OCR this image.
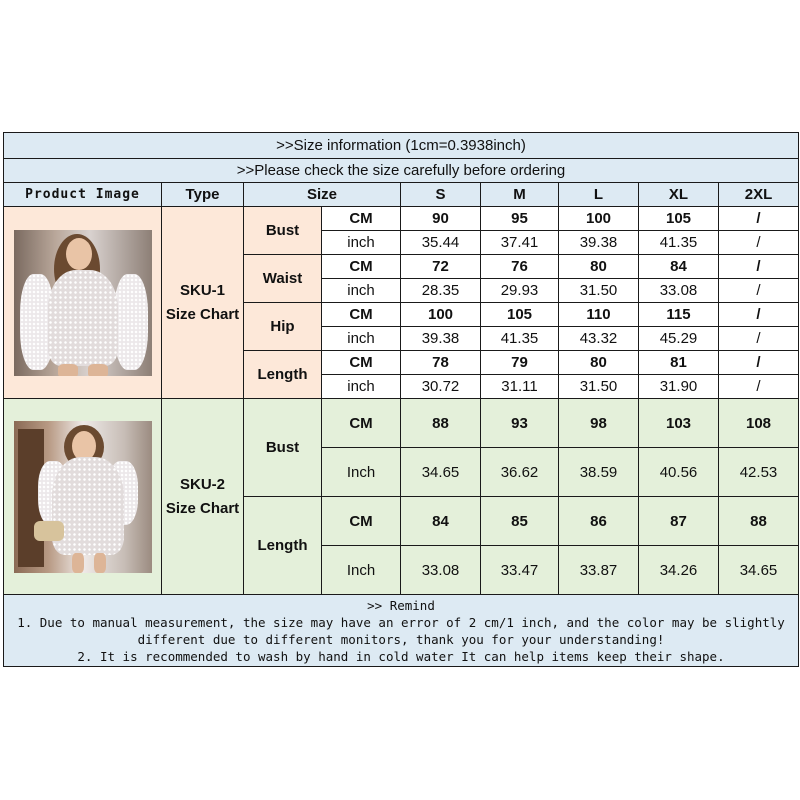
>>Size information (1cm=0.3938inch)								
>>Please check the size carefully before ordering								
Product Image	Type	Size		S	M	L	XL	2XL

	SKU-1
Size Chart	Bust	CM	90	95	100	105	/
			inch	35.44	37.41	39.38	41.35	/
		Waist	CM	72	76	80	84	/
			inch	28.35	29.93	31.50	33.08	/
		Hip	CM	100	105	110	115	/
			inch	39.38	41.35	43.32	45.29	/
		Length	CM	78	79	80	81	/
			inch	30.72	31.11	31.50	31.90	/

	SKU-2
Size Chart	Bust	CM	88	93	98	103	108
			Inch	34.65	36.62	38.59	40.56	42.53
		Length	CM	84	85	86	87	88
			Inch	33.08	33.47	33.87	34.26	34.65

>> Remind
1. Due to manual measurement, the size may have an error of 2 cm/1 inch, and the color may be slightly different due to different monitors, thank you for your understanding!
2. It is recommended to wash by hand in cold water It can help items keep their shape.								
